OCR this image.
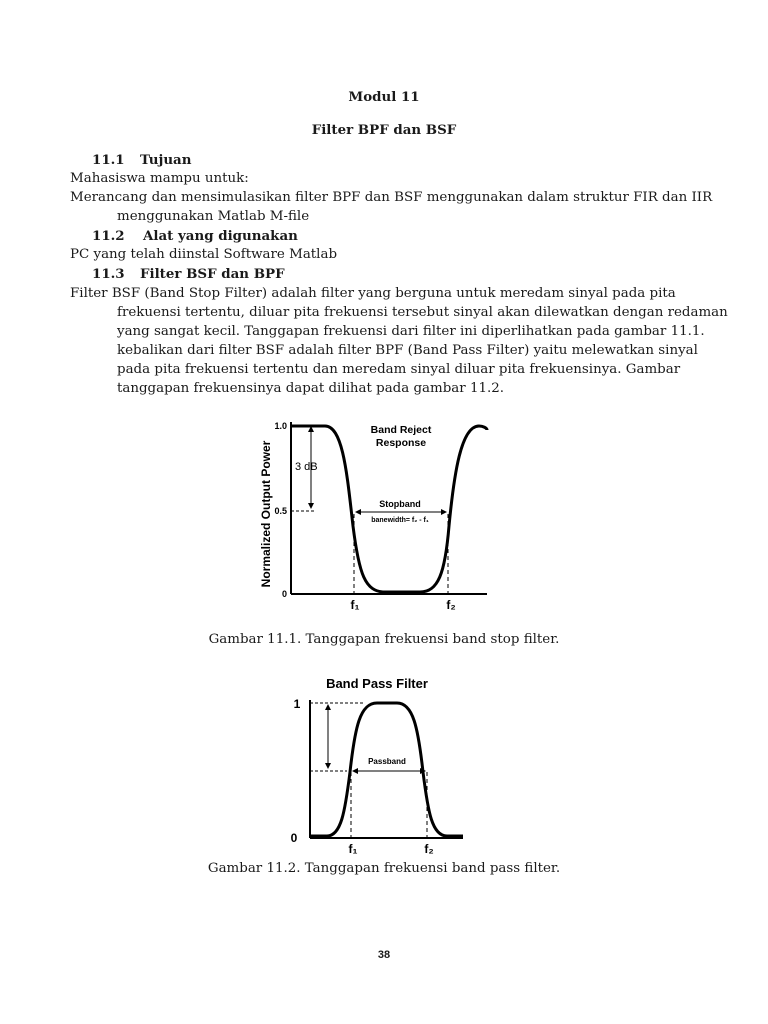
Modul 11
Filter BPF dan BSF
11.1 Tujuan
Mahasiswa mampu untuk:
Merancang dan mensimulasikan filter BPF dan BSF menggunakan dalam struktur FIR dan IIR
menggunakan Matlab M-file
11.2 Alat yang digunakan
PC yang telah diinstal Software Matlab
11.3 Filter BSF dan BPF
Filter BSF (Band Stop Filter) adalah filter yang berguna untuk meredam sinyal pada pita
frekuensi tertentu, diluar pita frekuensi tersebut sinyal akan dilewatkan dengan redaman
yang sangat kecil. Tanggapan frekuensi dari filter ini diperlihatkan pada gambar 11.1.
kebalikan dari filter BSF adalah filter BPF (Band Pass Filter) yaitu melewatkan sinyal
pada pita frekuensi tertentu dan meredam sinyal diluar pita frekuensinya. Gambar
tanggapan frekuensinya dapat dilihat pada gambar 11.2.
Normalized Output Power
1.0
0.5
0
3 dB
Stopband
banewidth= f₂ - f₁
Band Reject
Response
f₁	f₂
Gambar 11.1. Tanggapan frekuensi band stop filter.
Band Pass Filter
1
0
Passband
f₁	f₂
Gambar 11.2. Tanggapan frekuensi band pass filter.
38
